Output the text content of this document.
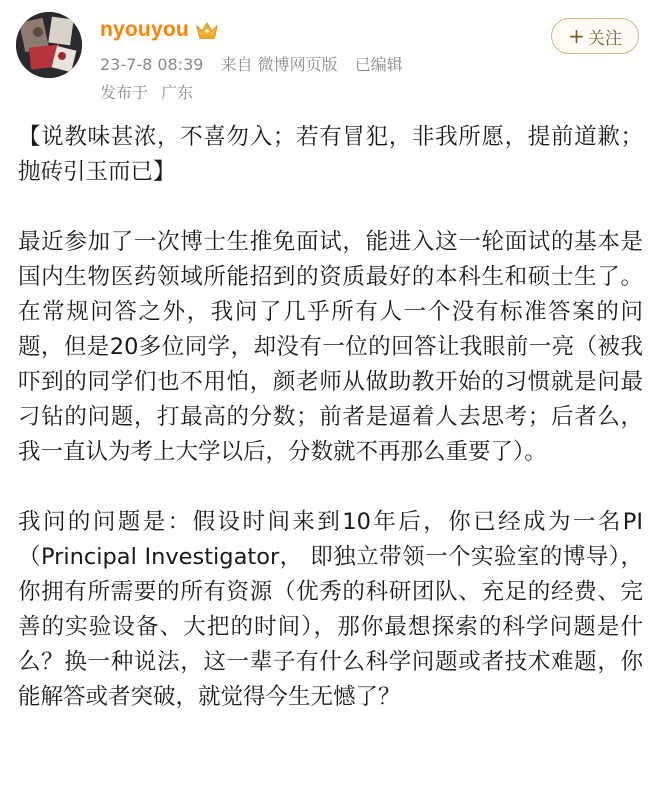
nyouyou
23-7-8 08:39 来自 微博网页版 已编辑
发布于 广东
+ 关注

【说教味甚浓，不喜勿入；若有冒犯，非我所愿，提前道歉；抛砖引玉而已】

最近参加了一次博士生推免面试，能进入这一轮面试的基本是国内生物医药领域所能招到的资质最好的本科生和硕士生了。在常规问答之外，我问了几乎所有人一个没有标准答案的问题，但是20多位同学，却没有一位的回答让我眼前一亮（被我吓到的同学们也不用怕，颜老师从做助教开始的习惯就是问最刁钻的问题，打最高的分数；前者是逼着人去思考；后者么，我一直认为考上大学以后，分数就不再那么重要了）。

我问的问题是：假设时间来到10年后，你已经成为一名PI（Principal Investigator， 即独立带领一个实验室的博导），你拥有所需要的所有资源（优秀的科研团队、充足的经费、完善的实验设备、大把的时间），那你最想探索的科学问题是什么？换一种说法，这一辈子有什么科学问题或者技术难题，你能解答或者突破，就觉得今生无憾了？
